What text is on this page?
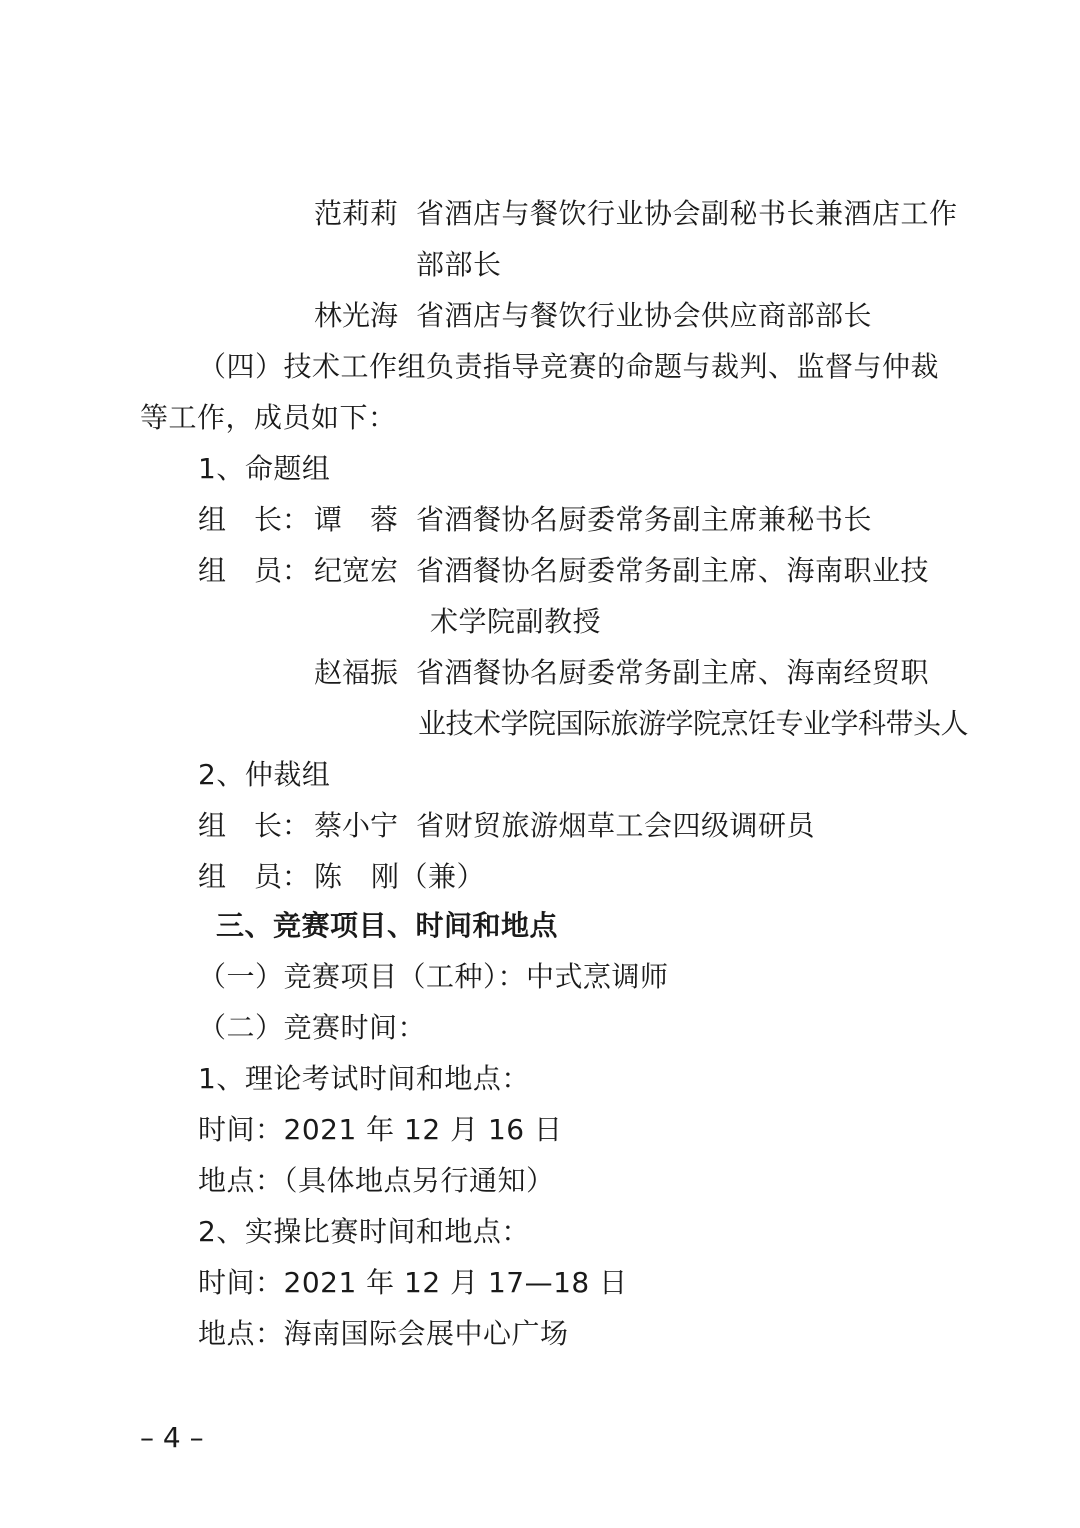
范莉莉 省酒店与餐饮行业协会副秘书长兼酒店工作
部部长
林光海 省酒店与餐饮行业协会供应商部部长
（四）技术工作组负责指导竞赛的命题与裁判、监督与仲裁
等工作，成员如下：
1、命题组
组　长： 谭　蓉 省酒餐协名厨委常务副主席兼秘书长
组　员： 纪宽宏 省酒餐协名厨委常务副主席、海南职业技
术学院副教授
赵福振 省酒餐协名厨委常务副主席、海南经贸职
业技术学院国际旅游学院烹饪专业学科带头人
2、仲裁组
组　长： 蔡小宁 省财贸旅游烟草工会四级调研员
组　员： 陈　刚（兼）
三、竞赛项目、时间和地点
（一）竞赛项目（工种）：中式烹调师
（二）竞赛时间：
1、理论考试时间和地点：
时间：2021 年 12 月 16 日
地点：（具体地点另行通知）
2、实操比赛时间和地点：
时间：2021 年 12 月 17—18 日
地点：海南国际会展中心广场
– 4 –
